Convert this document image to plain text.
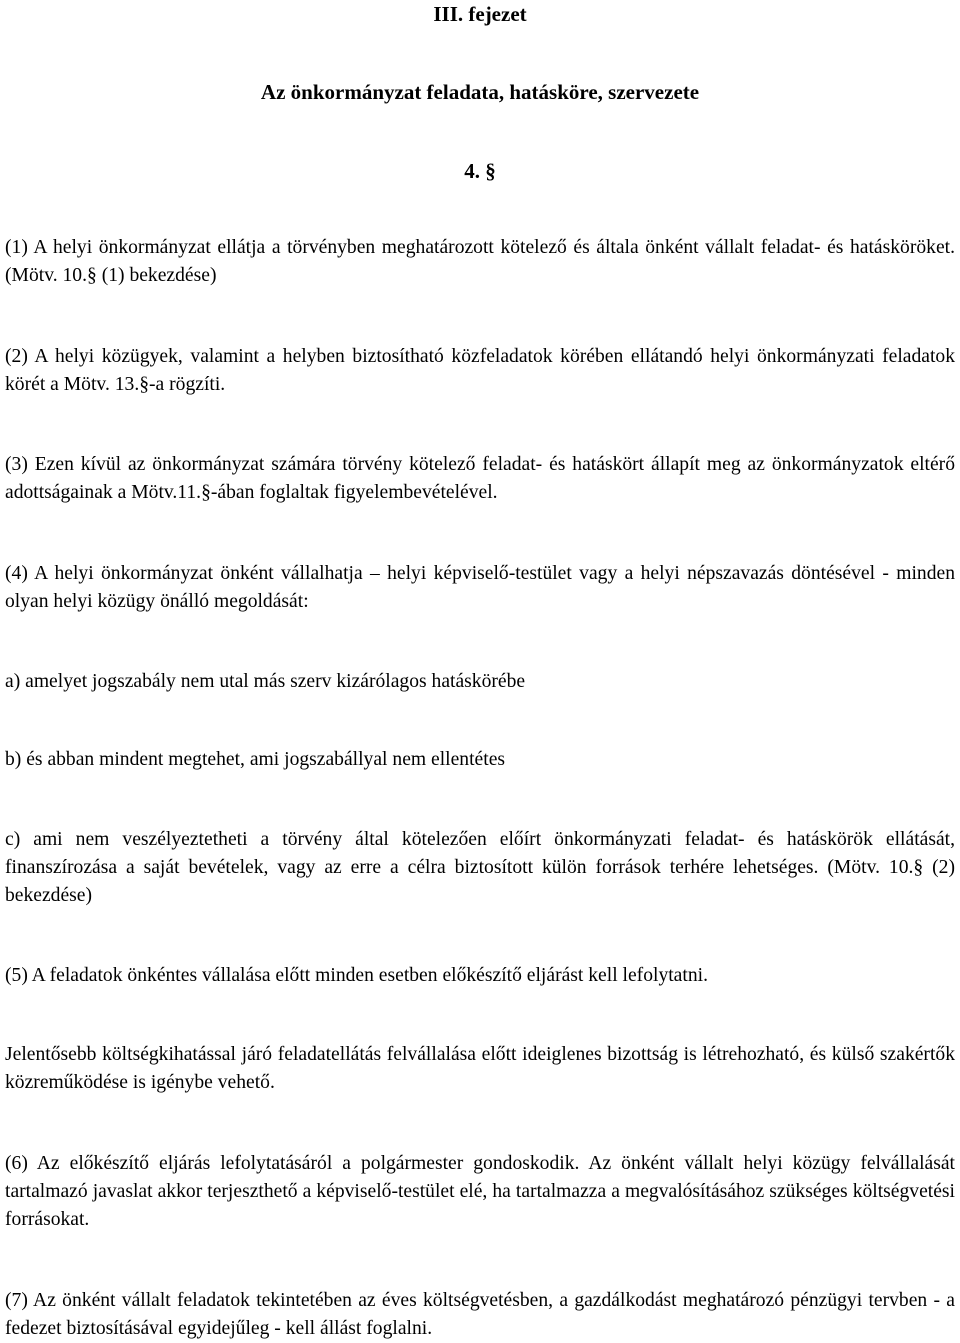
III. fejezet

Az önkormányzat feladata, hatásköre, szervezete

4. §

(1) A helyi önkormányzat ellátja a törvényben meghatározott kötelező és általa önként vállalt feladat- és hatásköröket. (Mötv. 10.§ (1) bekezdése)

(2) A helyi közügyek, valamint a helyben biztosítható közfeladatok körében ellátandó helyi önkormányzati feladatok körét a Mötv. 13.§-a rögzíti.

(3) Ezen kívül az önkormányzat számára törvény kötelező feladat- és hatáskört állapít meg az önkormányzatok eltérő adottságainak a Mötv.11.§-ában foglaltak figyelembevételével.

(4) A helyi önkormányzat önként vállalhatja – helyi képviselő-testület vagy a helyi népszavazás döntésével - minden olyan helyi közügy önálló megoldását:

a) amelyet jogszabály nem utal más szerv kizárólagos hatáskörébe

b) és abban mindent megtehet, ami jogszabállyal nem ellentétes

c) ami nem veszélyeztetheti a törvény által kötelezően előírt önkormányzati feladat- és hatáskörök ellátását, finanszírozása a saját bevételek, vagy az erre a célra biztosított külön források terhére lehetséges. (Mötv. 10.§ (2) bekezdése)

(5) A feladatok önkéntes vállalása előtt minden esetben előkészítő eljárást kell lefolytatni.

Jelentősebb költségkihatással járó feladatellátás felvállalása előtt ideiglenes bizottság is létrehozható, és külső szakértők közreműködése is igénybe vehető.

(6) Az előkészítő eljárás lefolytatásáról a polgármester gondoskodik. Az önként vállalt helyi közügy felvállalását tartalmazó javaslat akkor terjeszthető a képviselő-testület elé, ha tartalmazza a megvalósításához szükséges költségvetési forrásokat.

(7) Az önként vállalt feladatok tekintetében az éves költségvetésben, a gazdálkodást meghatározó pénzügyi tervben - a fedezet biztosításával egyidejűleg - kell állást foglalni.
